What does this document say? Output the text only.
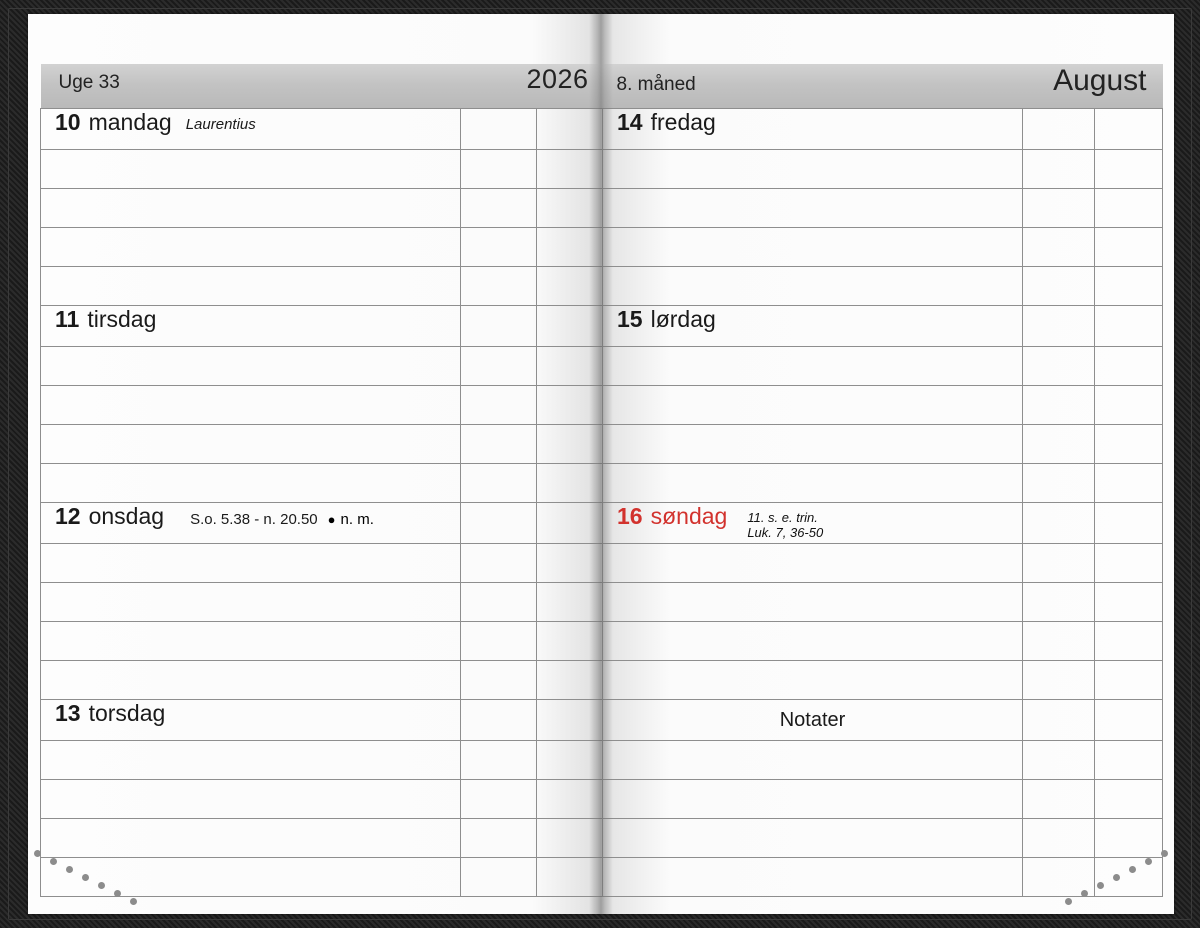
Uge 33 2026			8. måned August		

10 mandag Laurentius			14 fredag		

11 tirsdag			15 lørdag		

12 onsdag S.o. 5.38 - n. 20.50 ● n. m.			16 søndag 11. s. e. trin.
Luk. 7, 36-50		

13 torsdag			Notater		
